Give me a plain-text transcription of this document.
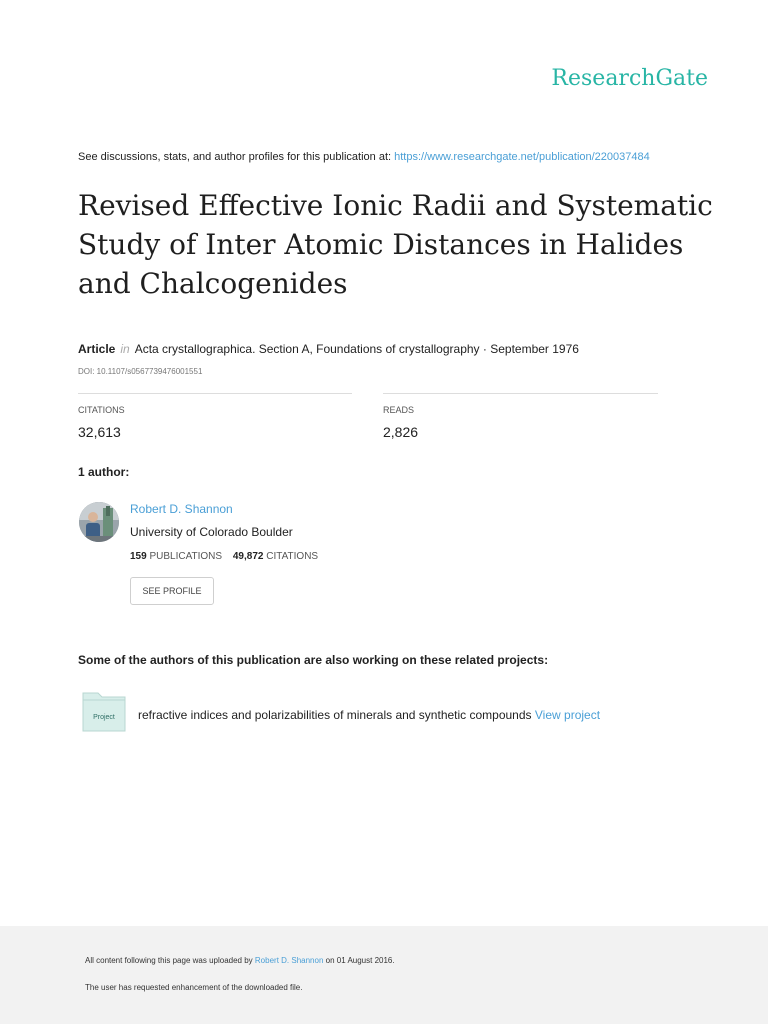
ResearchGate
See discussions, stats, and author profiles for this publication at: https://www.researchgate.net/publication/220037484
Revised Effective Ionic Radii and Systematic Study of Inter Atomic Distances in Halides and Chalcogenides
Article in Acta crystallographica. Section A, Foundations of crystallography · September 1976
DOI: 10.1107/s0567739476001551
CITATIONS
32,613
READS
2,826
1 author:
Robert D. Shannon
University of Colorado Boulder
159 PUBLICATIONS 49,872 CITATIONS
SEE PROFILE
Some of the authors of this publication are also working on these related projects:
Project refractive indices and polarizabilities of minerals and synthetic compounds View project
All content following this page was uploaded by Robert D. Shannon on 01 August 2016.
The user has requested enhancement of the downloaded file.
